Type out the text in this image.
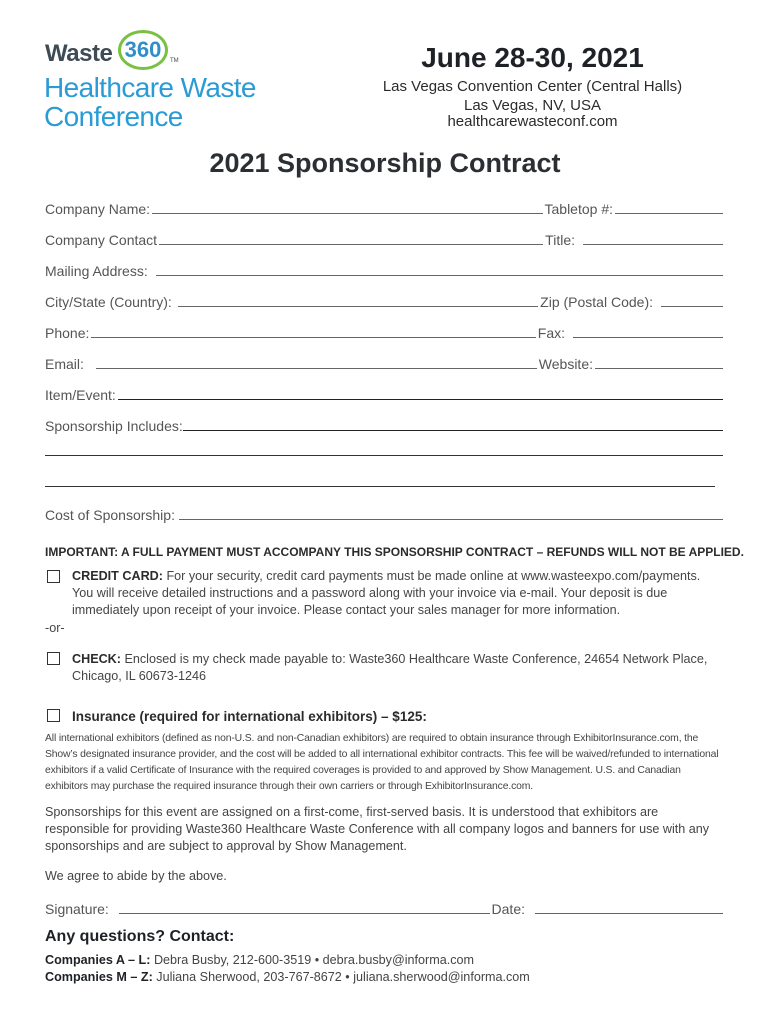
Waste 360 TM
Healthcare Waste
Conference
June 28-30, 2021
Las Vegas Convention Center (Central Halls)
Las Vegas, NV, USA
healthcarewasteconf.com
2021 Sponsorship Contract
Company Name:	Tabletop #:
Company Contact	Title:
Mailing Address:
City/State (Country):	Zip (Postal Code):
Phone:	Fax:
Email:	Website:
Item/Event:
Sponsorship Includes:
Cost of Sponsorship:
IMPORTANT: A FULL PAYMENT MUST ACCOMPANY THIS SPONSORSHIP CONTRACT – REFUNDS WILL NOT BE APPLIED.
CREDIT CARD: For your security, credit card payments must be made online at www.wasteexpo.com/payments. You will receive detailed instructions and a password along with your invoice via e-mail. Your deposit is due immediately upon receipt of your invoice. Please contact your sales manager for more information.
-or-
CHECK: Enclosed is my check made payable to: Waste360 Healthcare Waste Conference, 24654 Network Place, Chicago, IL 60673-1246
Insurance (required for international exhibitors) – $125:
All international exhibitors (defined as non-U.S. and non-Canadian exhibitors) are required to obtain insurance through ExhibitorInsurance.com, the Show’s designated insurance provider, and the cost will be added to all international exhibitor contracts. This fee will be waived/refunded to international exhibitors if a valid Certificate of Insurance with the required coverages is provided to and approved by Show Management. U.S. and Canadian exhibitors may purchase the required insurance through their own carriers or through ExhibitorInsurance.com.
Sponsorships for this event are assigned on a first-come, first-served basis. It is understood that exhibitors are responsible for providing Waste360 Healthcare Waste Conference with all company logos and banners for use with any sponsorships and are subject to approval by Show Management.
We agree to abide by the above.
Signature:	Date:
Any questions? Contact:
Companies A – L: Debra Busby, 212-600-3519 • debra.busby@informa.com
Companies M – Z: Juliana Sherwood, 203-767-8672 • juliana.sherwood@informa.com
